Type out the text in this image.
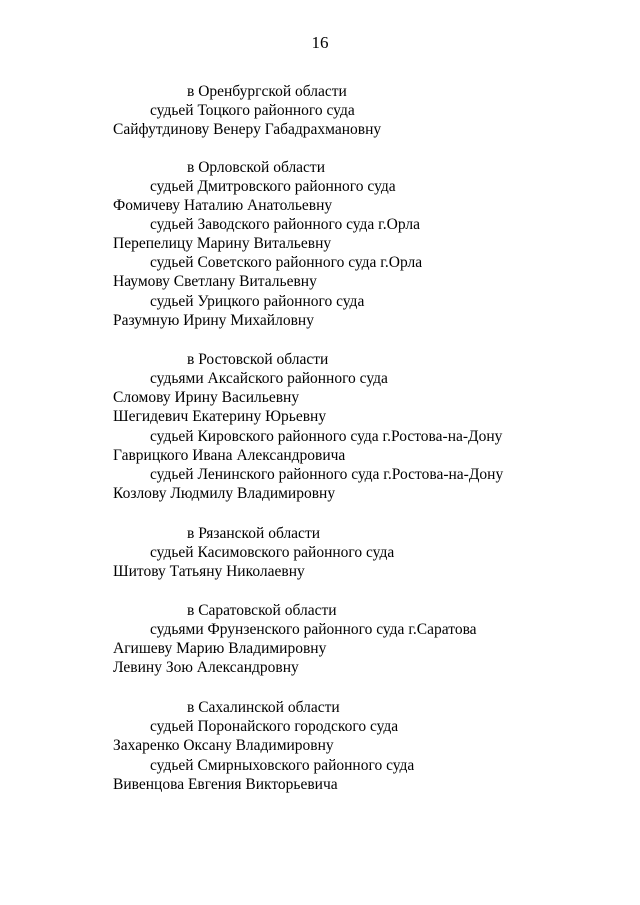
16
в Оренбургской области
судьей Тоцкого районного суда
Сайфутдинову Венеру Габадрахмановну
в Орловской области
судьей Дмитровского районного суда
Фомичеву Наталию Анатольевну
судьей Заводского районного суда г.Орла
Перепелицу Марину Витальевну
судьей Советского районного суда г.Орла
Наумову Светлану Витальевну
судьей Урицкого районного суда
Разумную Ирину Михайловну
в Ростовской области
судьями Аксайского районного суда
Сломову Ирину Васильевну
Шегидевич Екатерину Юрьевну
судьей Кировского районного суда г.Ростова-на-Дону
Гаврицкого Ивана Александровича
судьей Ленинского районного суда г.Ростова-на-Дону
Козлову Людмилу Владимировну
в Рязанской области
судьей Касимовского районного суда
Шитову Татьяну Николаевну
в Саратовской области
судьями Фрунзенского районного суда г.Саратова
Агишеву Марию Владимировну
Левину Зою Александровну
в Сахалинской области
судьей Поронайского городского суда
Захаренко Оксану Владимировну
судьей Смирныховского районного суда
Вивенцова Евгения Викторьевича
